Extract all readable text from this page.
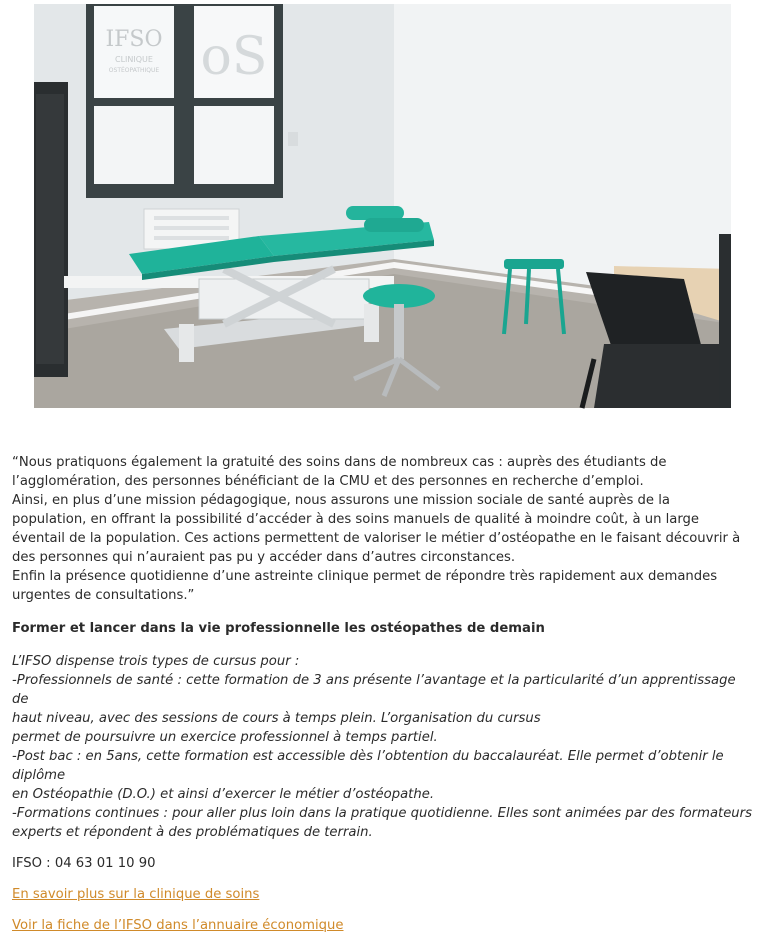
IFSO
CLINIQUE
OSTÉOPATHIQUE oS

“Nous pratiquons également la gratuité des soins dans de nombreux cas : auprès des étudiants de

l’agglomération, des personnes bénéficiant de la CMU et des personnes en recherche d’emploi.

Ainsi, en plus d’une mission pédagogique, nous assurons une mission sociale de santé auprès de la

population, en offrant la possibilité d’accéder à des soins manuels de qualité à moindre coût, à un large

éventail de la population. Ces actions permettent de valoriser le métier d’ostéopathe en le faisant découvrir à

des personnes qui n’auraient pas pu y accéder dans d’autres circonstances.

Enfin la présence quotidienne d’une astreinte clinique permet de répondre très rapidement aux demandes

urgentes de consultations.”

Former et lancer dans la vie professionnelle les ostéopathes de demain

L’IFSO dispense trois types de cursus pour :

-Professionnels de santé : cette formation de 3 ans présente l’avantage et la particularité d’un apprentissage de

haut niveau, avec des sessions de cours à temps plein. L’organisation du cursus

permet de poursuivre un exercice professionnel à temps partiel.

-Post bac : en 5ans, cette formation est accessible dès l’obtention du baccalauréat. Elle permet d’obtenir le diplôme

en Ostéopathie (D.O.) et ainsi d’exercer le métier d’ostéopathe.

-Formations continues : pour aller plus loin dans la pratique quotidienne. Elles sont animées par des formateurs

experts et répondent à des problématiques de terrain.

IFSO : 04 63 01 10 90

En savoir plus sur la clinique de soins
Voir la fiche de l’IFSO dans l’annuaire économique
